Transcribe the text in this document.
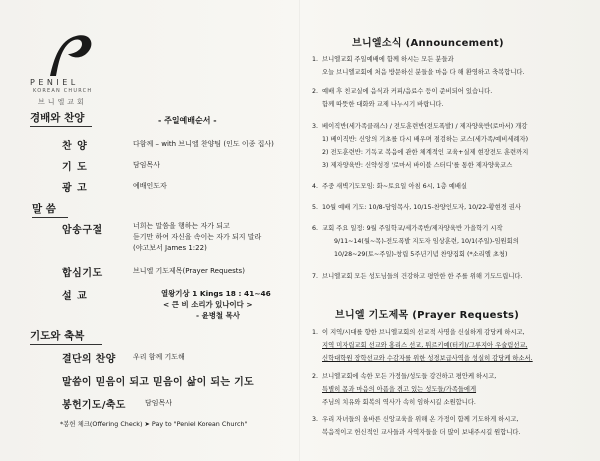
PENIEL
KOREAN CHURCH
브니엘교회
경배와 찬양	- 주일예배순서 -
찬 양	다함께 – with 브니엘 찬양팀 (인도 이종 집사)
기 도	담임목사
광 고	예배인도자
말 씀
암송구절	너희는 말씀을 행하는 자가 되고
듣기만 하여 자신을 속이는 자가 되지 말라
(야고보서 James 1:22)
합심기도	브니엘 기도제목(Prayer Requests)
설 교	열왕기상 1 Kings 18 : 41~46
< 큰 비 소리가 있나이다 >
- 윤병철 목사
기도와 축복
결단의 찬양 우리 함께 기도해
말씀이 믿음이 되고 믿음이 삶이 되는 기도
봉헌기도/축도	담임목사
*봉헌 체크(Offering Check) ➤ Pay to "Peniel Korean Church"
브니엘소식 (Announcement)
1. 브니엘교회 주일예배에 함께 하시는 모든 분들과
오늘 브니엘교회에 처음 방문하신 분들을 마음 다 해 환영하고 축복합니다.
2. 예배 후 친교실에 음식과 커피/음료수 등이 준비되어 있습니다.
함께 따뜻한 대화와 교제 나누시기 바랍니다.
3. 베이직반(세가족클래스) / 전도훈련반(전도폭발) / 제자양육반(로마서) 개강
1) 베이직반: 신앙의 기초를 다시 배우며 점검하는 코스(세가족/예비세례자)
2) 전도훈련반: 기독교 복음에 관한 체계적인 교육+실제 현장전도 훈련까지
3) 제자양육반: 신약성경 '로마서 바이블 스터디'를 통한 제자양육코스
4. 주중 새벽기도모임: 화~토요일 아침 6시, 1층 예배실
5. 10월 예배 기도: 10/8-담임목사, 10/15-찬양인도자, 10/22-황현경 권사
6. 교회 주요 일정: 9월 주일학교/세가족반/제자양육반 가을학기 시작
9/11~14(월~목)-전도폭발 지도자 임상훈련, 10/1(주일)-임원회의
10/28~29(토~주일)-창립 5주년기념 찬양집회 (*소리엘 초청)
7. 브니엘교회 모든 성도님들의 건강하고 평안한 한 주를 위해 기도드립니다.
브니엘 기도제목 (Prayer Requests)
1. 이 지역/시대를 향한 브니엘교회의 선교적 사명을 신실하게 감당케 하시고,
지역 미자립교회 선교와 홍리스 선교, 튀르키예(터키)/그루지아 우술림선교,
신학대학원 장학선교와 수감자를 위한 성경보급사역을 성실히 감당케 하소서.
2. 브니엘교회에 속한 모든 가정들/성도들 강건하고 평안케 하시고,
특별히 몸과 마음의 아픔을 겪고 있는 성도들/가족들에게
주님의 치유와 회복의 역사가 속히 임하시길 소원합니다.
3. 우리 자녀들의 올바른 신앙교육을 위해 온 가정이 함께 기도하게 하시고,
복음적이고 헌신적인 교사들과 사역자들을 더 많이 보내주시길 원합니다.
